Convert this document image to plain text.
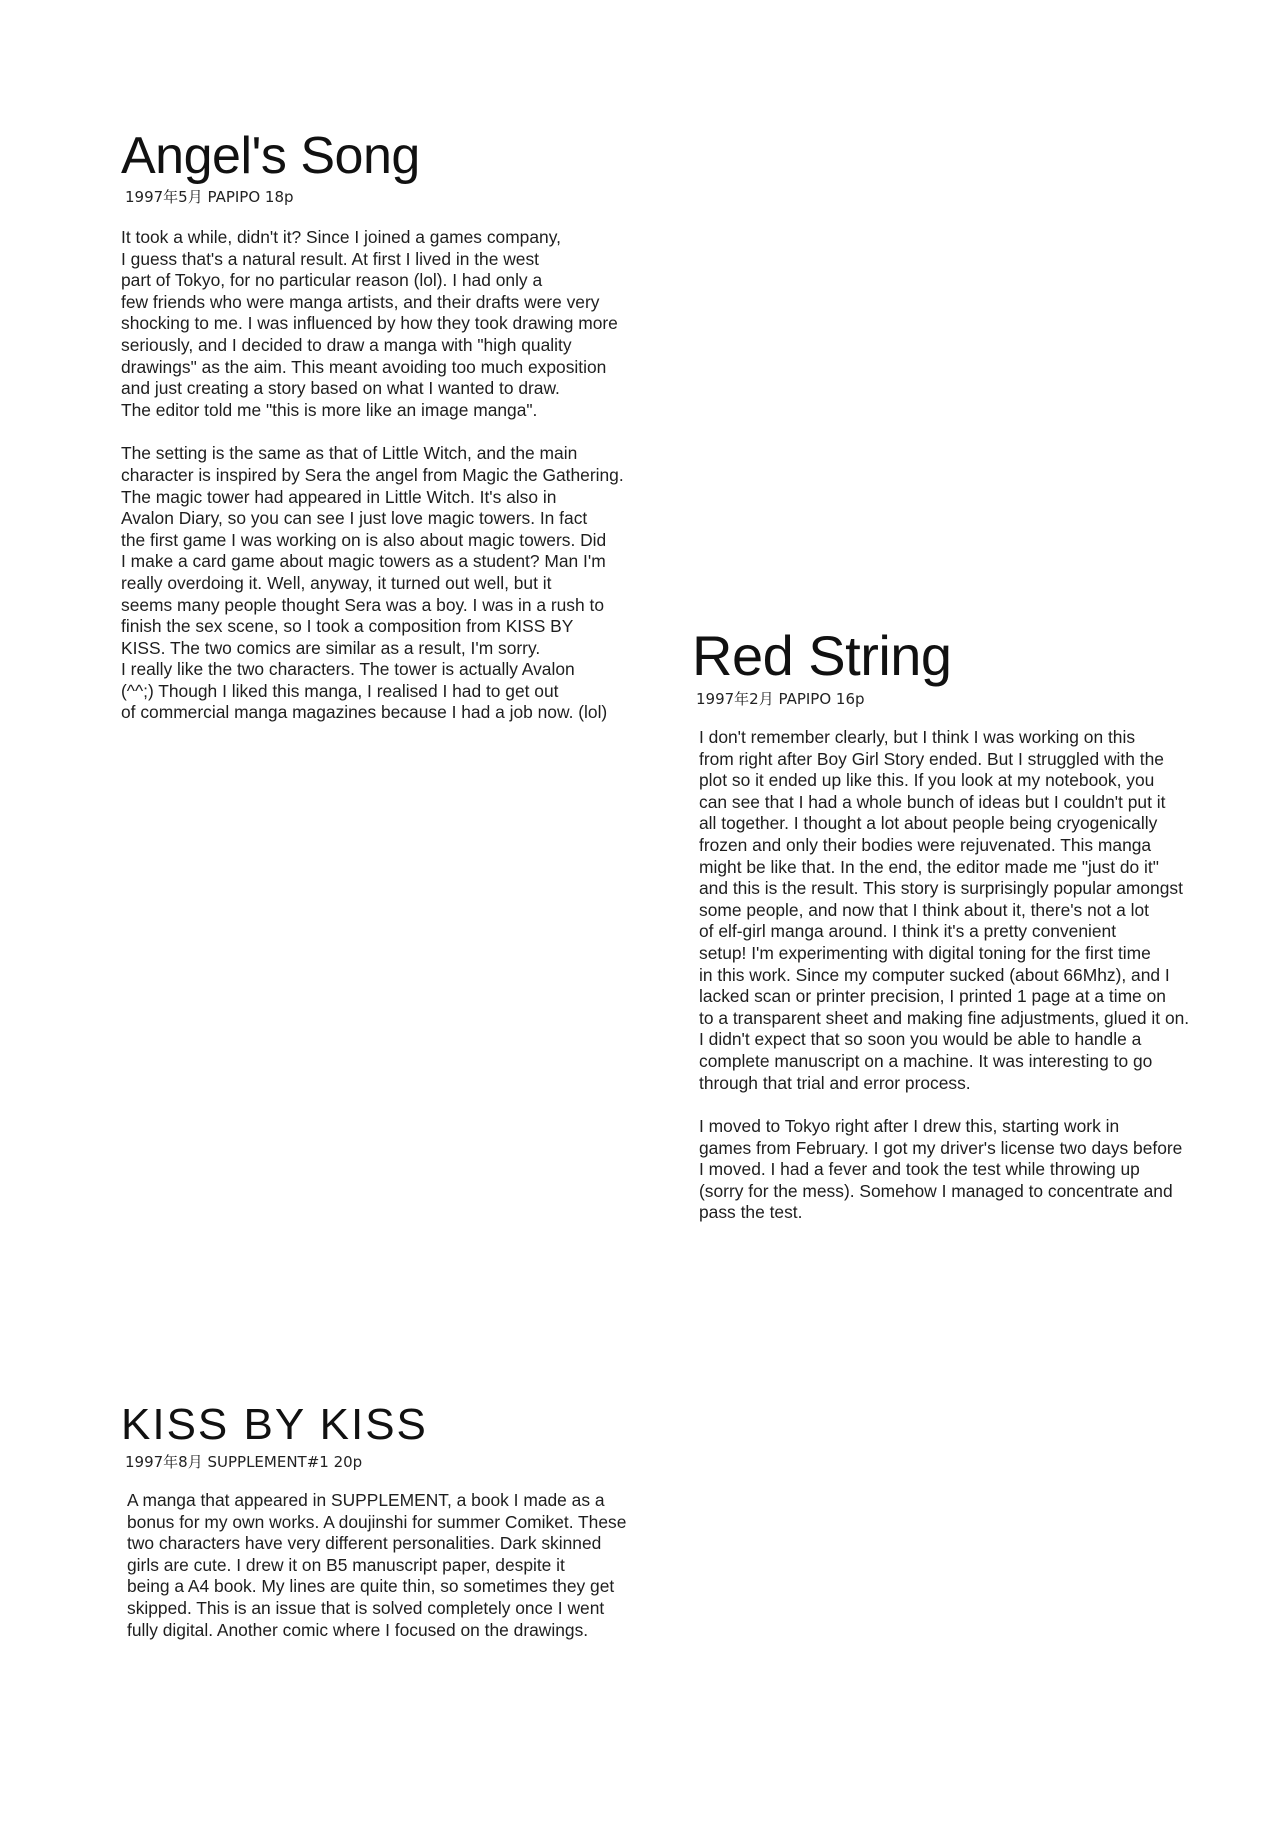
Angel's Song
1997年5月 PAPIPO 18p

It took a while, didn't it? Since I joined a games company,
I guess that's a natural result. At first I lived in the west
part of Tokyo, for no particular reason (lol). I had only a
few friends who were manga artists, and their drafts were very
shocking to me. I was influenced by how they took drawing more
seriously, and I decided to draw a manga with "high quality
drawings" as the aim. This meant avoiding too much exposition
and just creating a story based on what I wanted to draw.
The editor told me "this is more like an image manga".

The setting is the same as that of Little Witch, and the main
character is inspired by Sera the angel from Magic the Gathering.
The magic tower had appeared in Little Witch. It's also in
Avalon Diary, so you can see I just love magic towers. In fact
the first game I was working on is also about magic towers. Did
I make a card game about magic towers as a student? Man I'm
really overdoing it. Well, anyway, it turned out well, but it
seems many people thought Sera was a boy. I was in a rush to
finish the sex scene, so I took a composition from KISS BY
KISS. The two comics are similar as a result, I'm sorry.
I really like the two characters. The tower is actually Avalon
(^^;) Though I liked this manga, I realised I had to get out
of commercial manga magazines because I had a job now. (lol)

Red String
1997年2月 PAPIPO 16p

I don't remember clearly, but I think I was working on this
from right after Boy Girl Story ended. But I struggled with the
plot so it ended up like this. If you look at my notebook, you
can see that I had a whole bunch of ideas but I couldn't put it
all together. I thought a lot about people being cryogenically
frozen and only their bodies were rejuvenated. This manga
might be like that. In the end, the editor made me "just do it"
and this is the result. This story is surprisingly popular amongst
some people, and now that I think about it, there's not a lot
of elf-girl manga around. I think it's a pretty convenient
setup! I'm experimenting with digital toning for the first time
in this work. Since my computer sucked (about 66Mhz), and I
lacked scan or printer precision, I printed 1 page at a time on
to a transparent sheet and making fine adjustments, glued it on.
I didn't expect that so soon you would be able to handle a
complete manuscript on a machine. It was interesting to go
through that trial and error process.

I moved to Tokyo right after I drew this, starting work in
games from February. I got my driver's license two days before
I moved. I had a fever and took the test while throwing up
(sorry for the mess). Somehow I managed to concentrate and
pass the test.

KISS BY KISS
1997年8月 SUPPLEMENT#1 20p

A manga that appeared in SUPPLEMENT, a book I made as a
bonus for my own works. A doujinshi for summer Comiket. These
two characters have very different personalities. Dark skinned
girls are cute. I drew it on B5 manuscript paper, despite it
being a A4 book. My lines are quite thin, so sometimes they get
skipped. This is an issue that is solved completely once I went
fully digital. Another comic where I focused on the drawings.
